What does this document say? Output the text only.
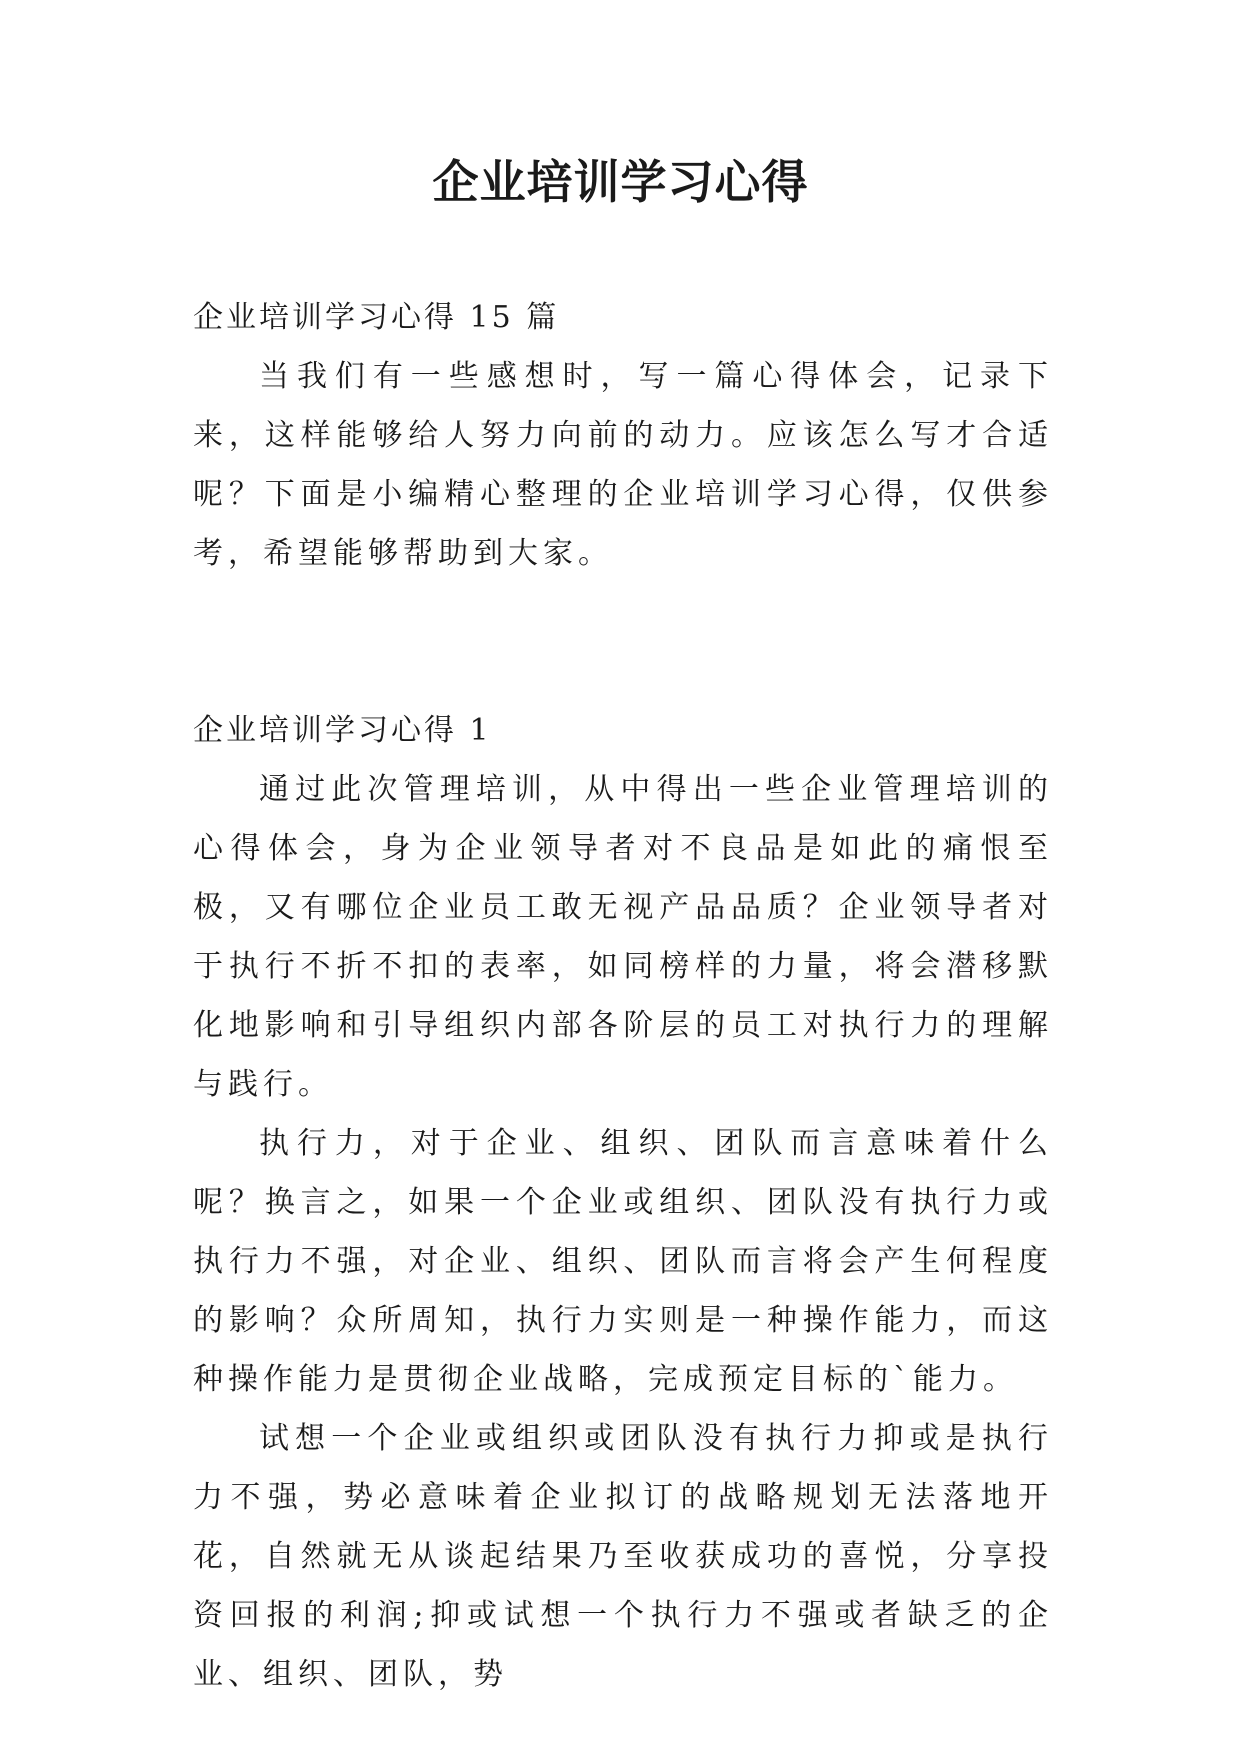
企业培训学习心得

企业培训学习心得 15 篇

当我们有一些感想时，写一篇心得体会，记录下来，这样能够给人努力向前的动力。应该怎么写才合适呢？下面是小编精心整理的企业培训学习心得，仅供参考，希望能够帮助到大家。

企业培训学习心得 1

通过此次管理培训，从中得出一些企业管理培训的心得体会，身为企业领导者对不良品是如此的痛恨至极，又有哪位企业员工敢无视产品品质？企业领导者对于执行不折不扣的表率，如同榜样的力量，将会潜移默化地影响和引导组织内部各阶层的员工对执行力的理解与践行。

执行力，对于企业、组织、团队而言意味着什么呢？换言之，如果一个企业或组织、团队没有执行力或执行力不强，对企业、组织、团队而言将会产生何程度的影响？众所周知，执行力实则是一种操作能力，而这种操作能力是贯彻企业战略，完成预定目标的`能力。

试想一个企业或组织或团队没有执行力抑或是执行力不强，势必意味着企业拟订的战略规划无法落地开花，自然就无从谈起结果乃至收获成功的喜悦，分享投资回报的利润;抑或试想一个执行力不强或者缺乏的企业、组织、团队，势
